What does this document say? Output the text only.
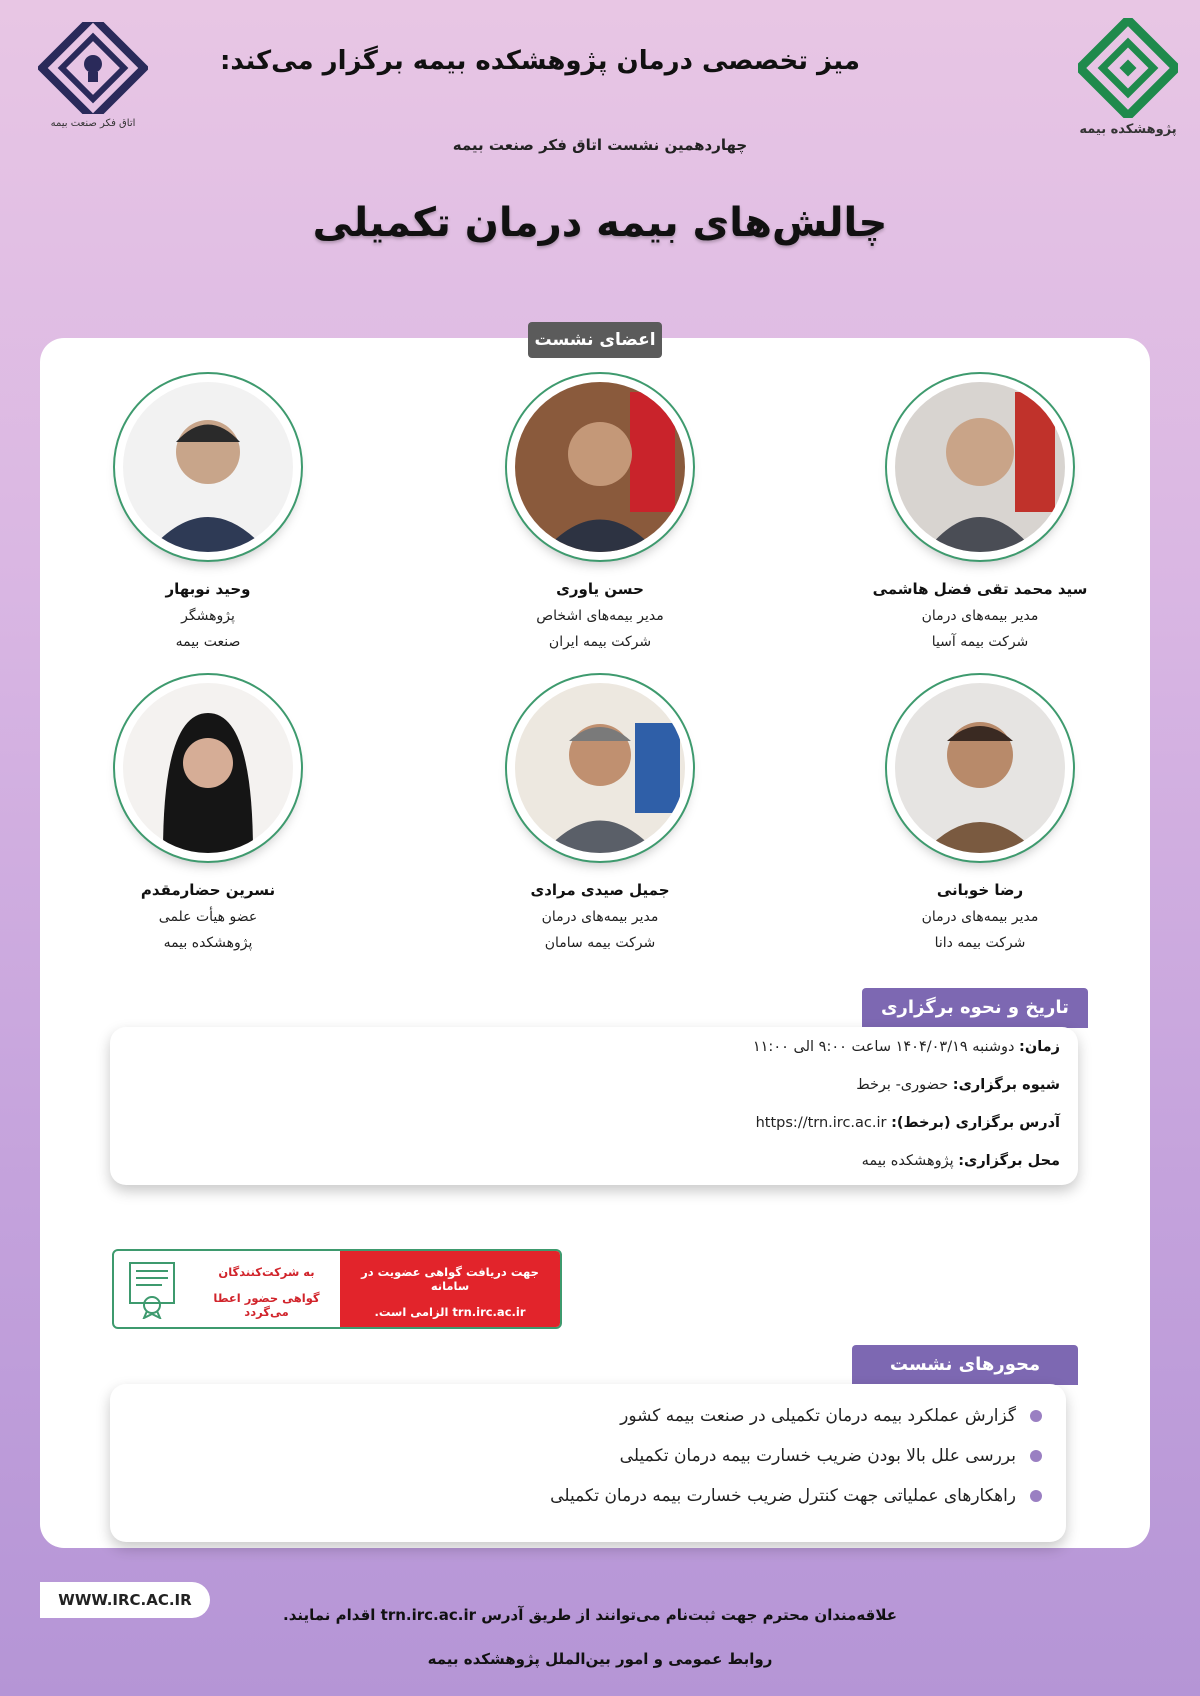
اتاق فکر صنعت بیمه	پژوهشکده بیمه
میز تخصصی درمان پژوهشکده بیمه برگزار می‌کند:
چهاردهمین نشست اتاق فکر صنعت بیمه
چالش‌های بیمه درمان تکمیلی
اعضای نشست
سید محمد تقی فضل هاشمی
مدیر بیمه‌های درمان
شرکت بیمه آسیا
حسن یاوری
مدیر بیمه‌های اشخاص
شرکت بیمه ایران
وحید نوبهار
پژوهشگر
صنعت بیمه
رضا خوبانی
مدیر بیمه‌های درمان
شرکت بیمه دانا
جمیل صیدی مرادی
مدیر بیمه‌های درمان
شرکت بیمه سامان
نسرین حضارمقدم
عضو هیأت علمی
پژوهشکده بیمه
تاریخ و نحوه برگزاری
زمان: دوشنبه ۱۴۰۴/۰۳/۱۹ ساعت ۹:۰۰ الی ۱۱:۰۰
شیوه برگزاری: حضوری- برخط
آدرس برگزاری (برخط): https://trn.irc.ac.ir
محل برگزاری: پژوهشکده بیمه
جهت دریافت گواهی عضویت در سامانه
trn.irc.ac.ir الزامی است.
به شرکت‌کنندگان
گواهی حضور اعطا می‌گردد
محورهای نشست
گزارش عملکرد بیمه درمان تکمیلی در صنعت بیمه کشور
بررسی علل بالا بودن ضریب خسارت بیمه درمان تکمیلی
راهکارهای عملیاتی جهت کنترل ضریب خسارت بیمه درمان تکمیلی
WWW.IRC.AC.IR
علاقه‌مندان محترم جهت ثبت‌نام می‌توانند از طریق آدرس trn.irc.ac.ir اقدام نمایند.
روابط عمومی و امور بین‌الملل پژوهشکده بیمه
